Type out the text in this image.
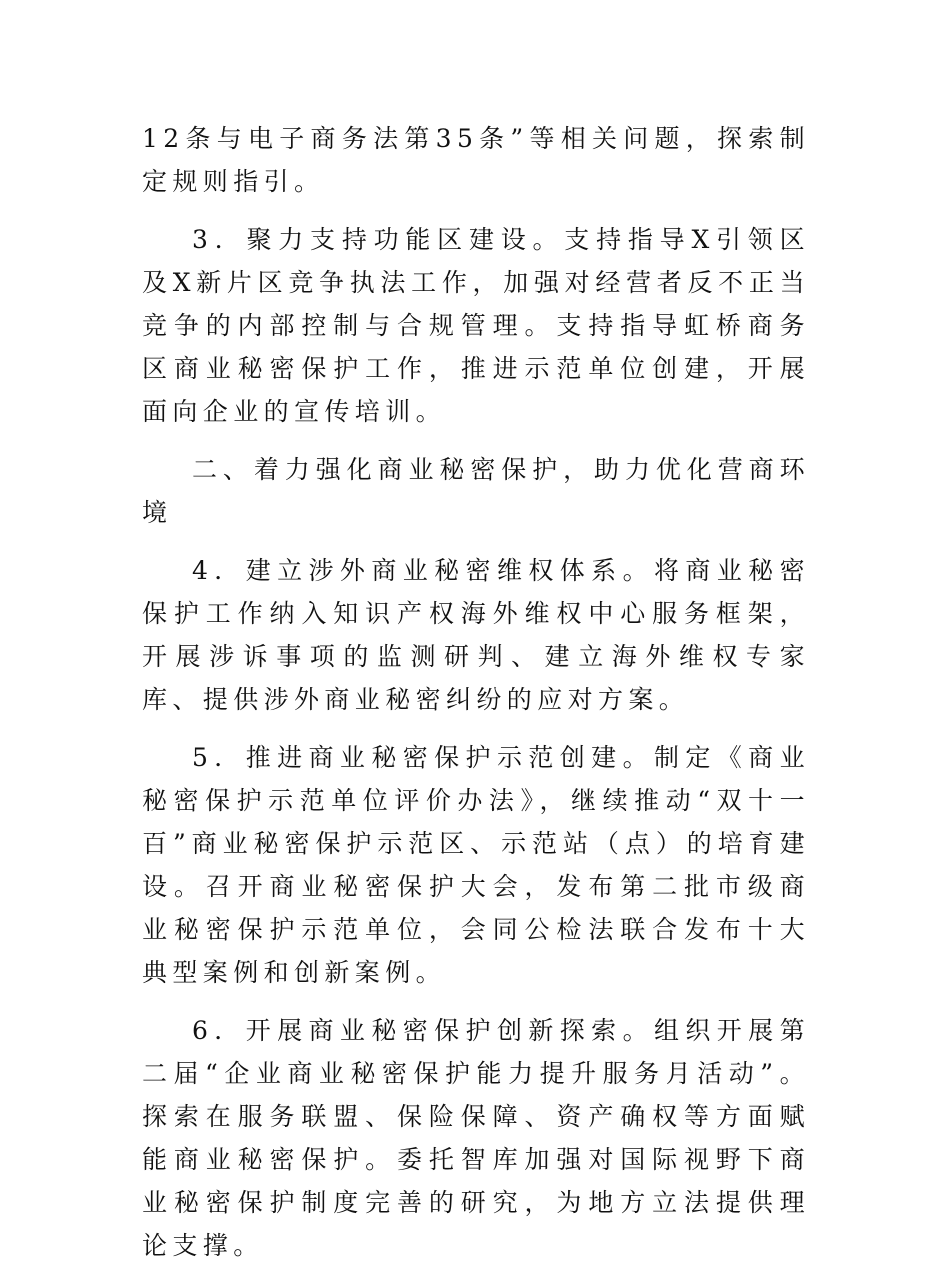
12条与电子商务法第35条”等相关问题，探索制定规则指引。

3．聚力支持功能区建设。支持指导X引领区及X新片区竞争执法工作，加强对经营者反不正当竞争的内部控制与合规管理。支持指导虹桥商务区商业秘密保护工作，推进示范单位创建，开展面向企业的宣传培训。

二、着力强化商业秘密保护，助力优化营商环境

4．建立涉外商业秘密维权体系。将商业秘密保护工作纳入知识产权海外维权中心服务框架，开展涉诉事项的监测研判、建立海外维权专家库、提供涉外商业秘密纠纷的应对方案。

5．推进商业秘密保护示范创建。制定《商业秘密保护示范单位评价办法》，继续推动“双十一百”商业秘密保护示范区、示范站（点）的培育建设。召开商业秘密保护大会，发布第二批市级商业秘密保护示范单位，会同公检法联合发布十大典型案例和创新案例。

6．开展商业秘密保护创新探索。组织开展第二届“企业商业秘密保护能力提升服务月活动”。探索在服务联盟、保险保障、资产确权等方面赋能商业秘密保护。委托智库加强对国际视野下商业秘密保护制度完善的研究，为地方立法提供理论支撑。
